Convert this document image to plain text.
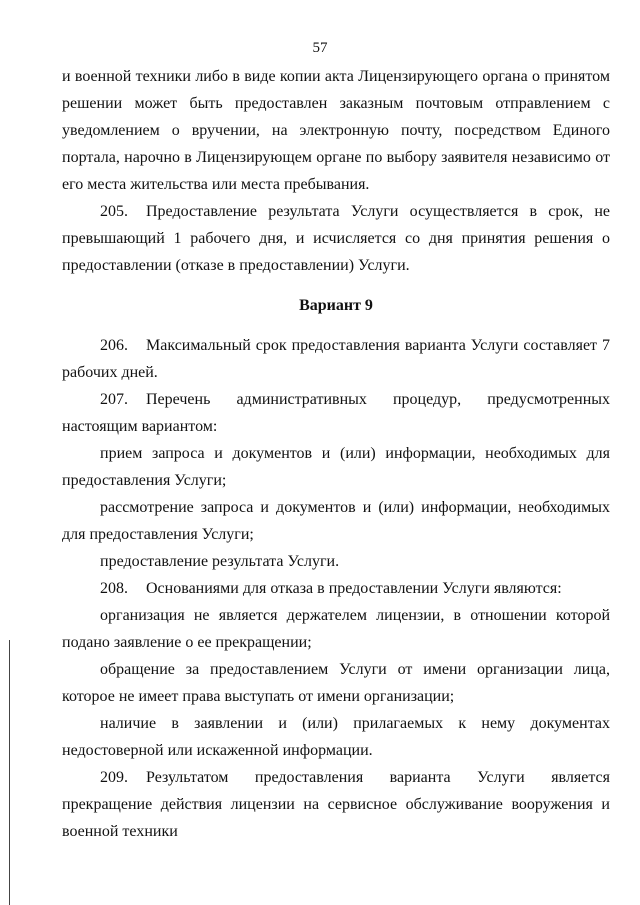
57

и военной техники либо в виде копии акта Лицензирующего органа о принятом решении может быть предоставлен заказным почтовым отправлением с уведомлением о вручении, на электронную почту, посредством Единого портала, нарочно в Лицензирующем органе по выбору заявителя независимо от его места жительства или места пребывания.

205. Предоставление результата Услуги осуществляется в срок, не превышающий 1 рабочего дня, и исчисляется со дня принятия решения о предоставлении (отказе в предоставлении) Услуги.

Вариант 9

206. Максимальный срок предоставления варианта Услуги составляет 7 рабочих дней.

207. Перечень административных процедур, предусмотренных настоящим вариантом:

прием запроса и документов и (или) информации, необходимых для предоставления Услуги;

рассмотрение запроса и документов и (или) информации, необходимых для предоставления Услуги;

предоставление результата Услуги.

208. Основаниями для отказа в предоставлении Услуги являются:

организация не является держателем лицензии, в отношении которой подано заявление о ее прекращении;

обращение за предоставлением Услуги от имени организации лица, которое не имеет права выступать от имени организации;

наличие в заявлении и (или) прилагаемых к нему документах недостоверной или искаженной информации.

209. Результатом предоставления варианта Услуги является прекращение действия лицензии на сервисное обслуживание вооружения и военной техники
